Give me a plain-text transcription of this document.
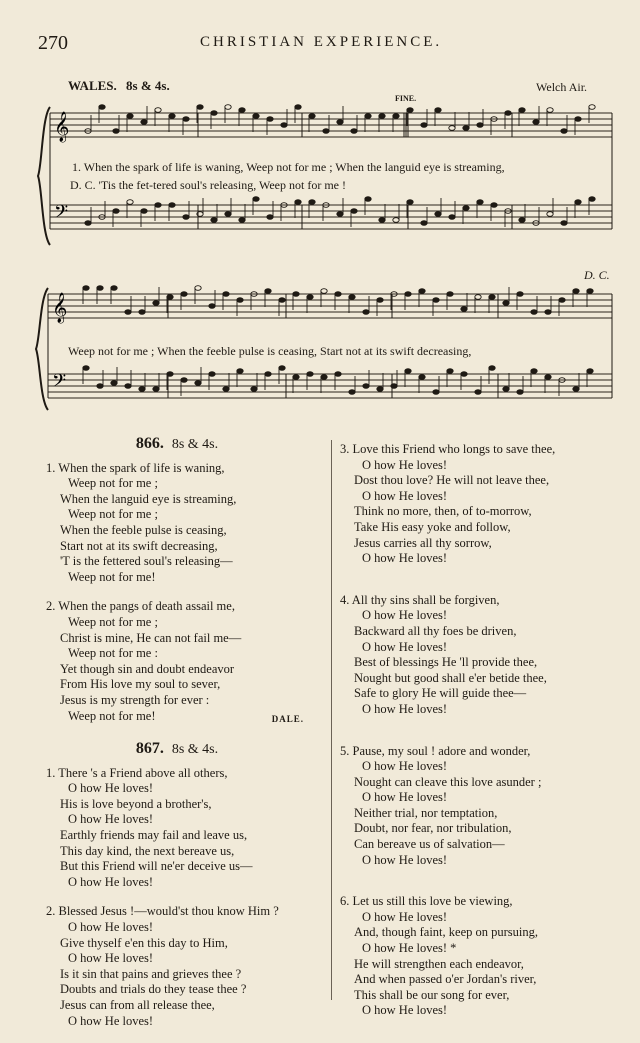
270	CHRISTIAN EXPERIENCE.
WALES. 8s & 4s.	Welch Air.
FINE.
D. C.
𝄞
𝄢
𝄞
𝄢
1. When the spark of life is waning, Weep not for me ; When the languid eye is streaming,
D. C. 'Tis the fet-tered soul's releasing, Weep not for me !
Weep not for me ; When the feeble pulse is ceasing, Start not at its swift decreasing,
866. 8s & 4s.
1. When the spark of life is waning,
Weep not for me ;
When the languid eye is streaming,
Weep not for me ;
When the feeble pulse is ceasing,
Start not at its swift decreasing,
'T is the fettered soul's releasing—
Weep not for me!
2. When the pangs of death assail me,
Weep not for me ;
Christ is mine, He can not fail me—
Weep not for me :
Yet though sin and doubt endeavor
From His love my soul to sever,
Jesus is my strength for ever :
Weep not for me!	DALE.
867. 8s & 4s.
1. There 's a Friend above all others,
O how He loves!
His is love beyond a brother's,
O how He loves!
Earthly friends may fail and leave us,
This day kind, the next bereave us,
But this Friend will ne'er deceive us—
O how He loves!
2. Blessed Jesus !—would'st thou know Him ?
O how He loves!
Give thyself e'en this day to Him,
O how He loves!
Is it sin that pains and grieves thee ?
Doubts and trials do they tease thee ?
Jesus can from all release thee,
O how He loves!
3. Love this Friend who longs to save thee,
O how He loves!
Dost thou love? He will not leave thee,
O how He loves!
Think no more, then, of to-morrow,
Take His easy yoke and follow,
Jesus carries all thy sorrow,
O how He loves!
4. All thy sins shall be forgiven,
O how He loves!
Backward all thy foes be driven,
O how He loves!
Best of blessings He 'll provide thee,
Nought but good shall e'er betide thee,
Safe to glory He will guide thee—
O how He loves!
5. Pause, my soul ! adore and wonder,
O how He loves!
Nought can cleave this love asunder ;
O how He loves!
Neither trial, nor temptation,
Doubt, nor fear, nor tribulation,
Can bereave us of salvation—
O how He loves!
6. Let us still this love be viewing,
O how He loves!
And, though faint, keep on pursuing,
O how He loves! *
He will strengthen each endeavor,
And when passed o'er Jordan's river,
This shall be our song for ever,
O how He loves!
